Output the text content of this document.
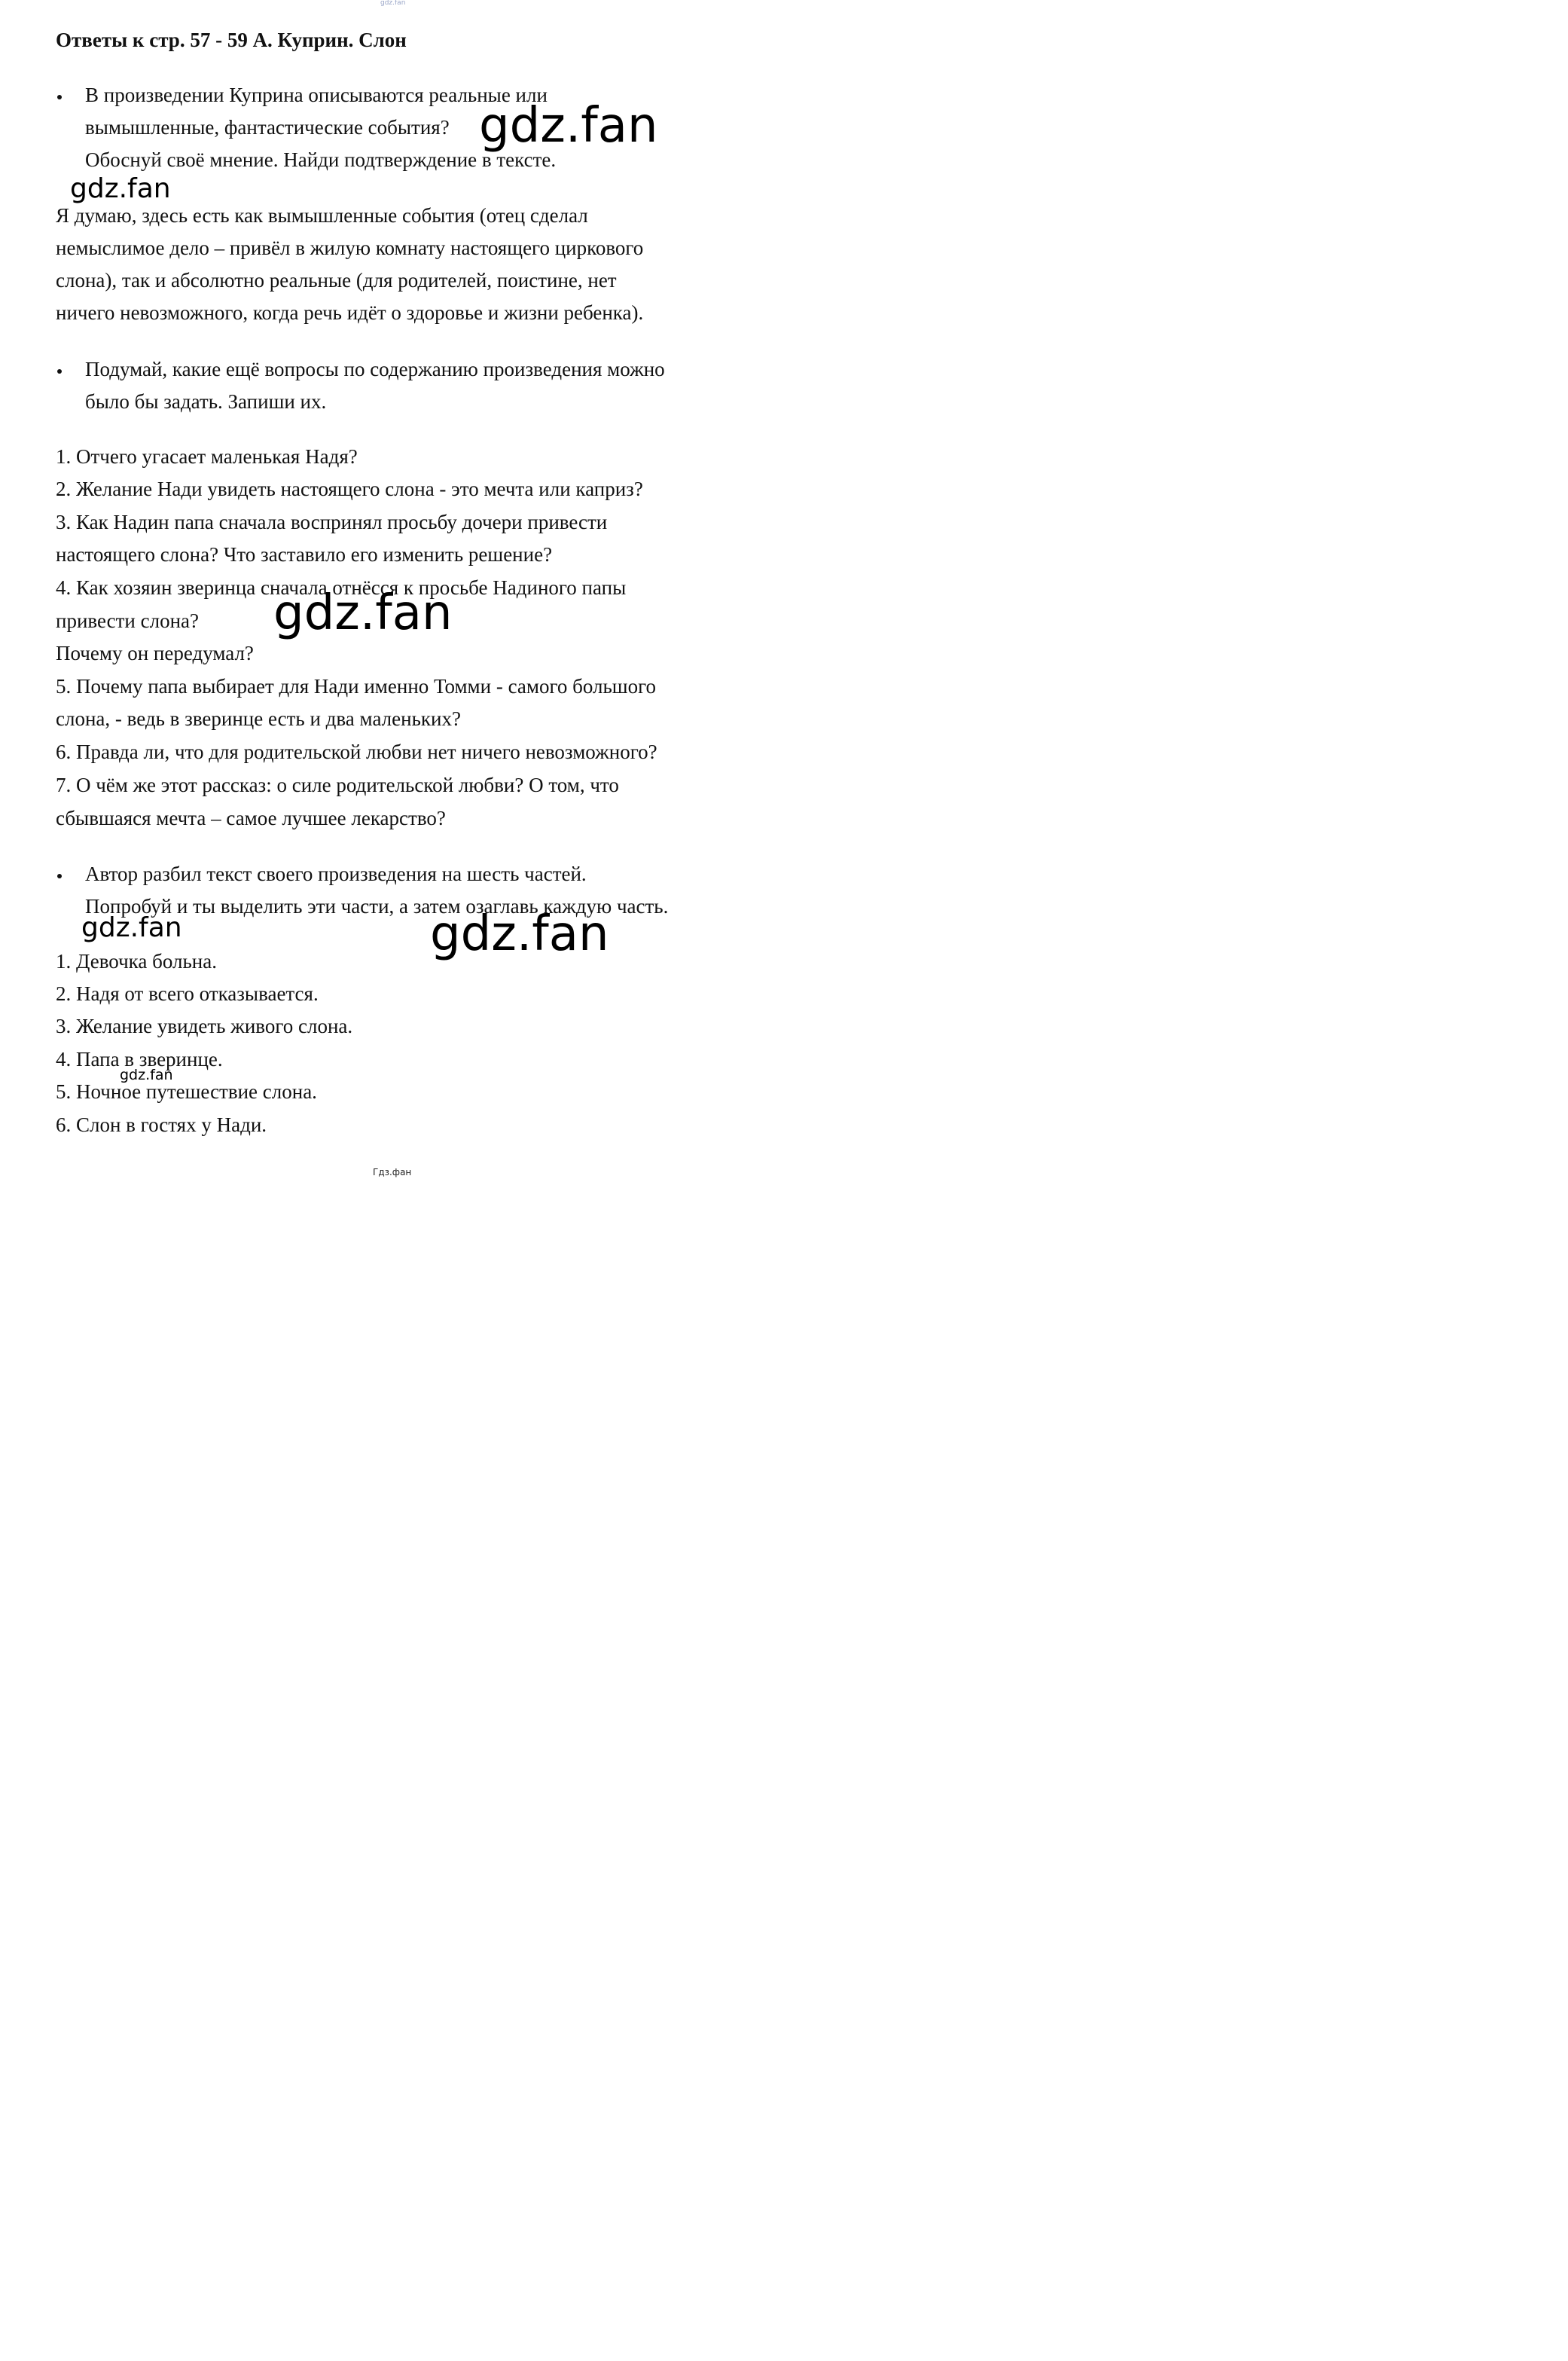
gdz.fan
Ответы к стр. 57 - 59 А. Куприн. Слон
В произведении Куприна описываются реальные или
вымышленные, фантастические события?
Обоснуй своё мнение. Найди подтверждение в тексте.
Я думаю, здесь есть как вымышленные события (отец сделал
немыслимое дело – привёл в жилую комнату настоящего циркового
слона), так и абсолютно реальные (для родителей, поистине, нет
ничего невозможного, когда речь идёт о здоровье и жизни ребенка).
Подумай, какие ещё вопросы по содержанию произведения можно
было бы задать. Запиши их.
1. Отчего угасает маленькая Надя?
2. Желание Нади увидеть настоящего слона - это мечта или каприз?
3. Как Надин папа сначала воспринял просьбу дочери привести
настоящего слона? Что заставило его изменить решение?
4. Как хозяин зверинца сначала отнёсся к просьбе Надиного папы
привести слона?
Почему он передумал?
5. Почему папа выбирает для Нади именно Томми - самого большого
слона, - ведь в зверинце есть и два маленьких?
6. Правда ли, что для родительской любви нет ничего невозможного?
7. О чём же этот рассказ: о силе родительской любви? О том, что
сбывшаяся мечта – самое лучшее лекарство?
Автор разбил текст своего произведения на шесть частей.
Попробуй и ты выделить эти части, а затем озаглавь каждую часть.
1. Девочка больна.
2. Надя от всего отказывается.
3. Желание увидеть живого слона.
4. Папа в зверинце.
5. Ночное путешествие слона.
6. Слон в гостях у Нади.
gdz.fan
gdz.fan
gdz.fan
gdz.fan	gdz.fan
gdz.fan
Гдз.фан
